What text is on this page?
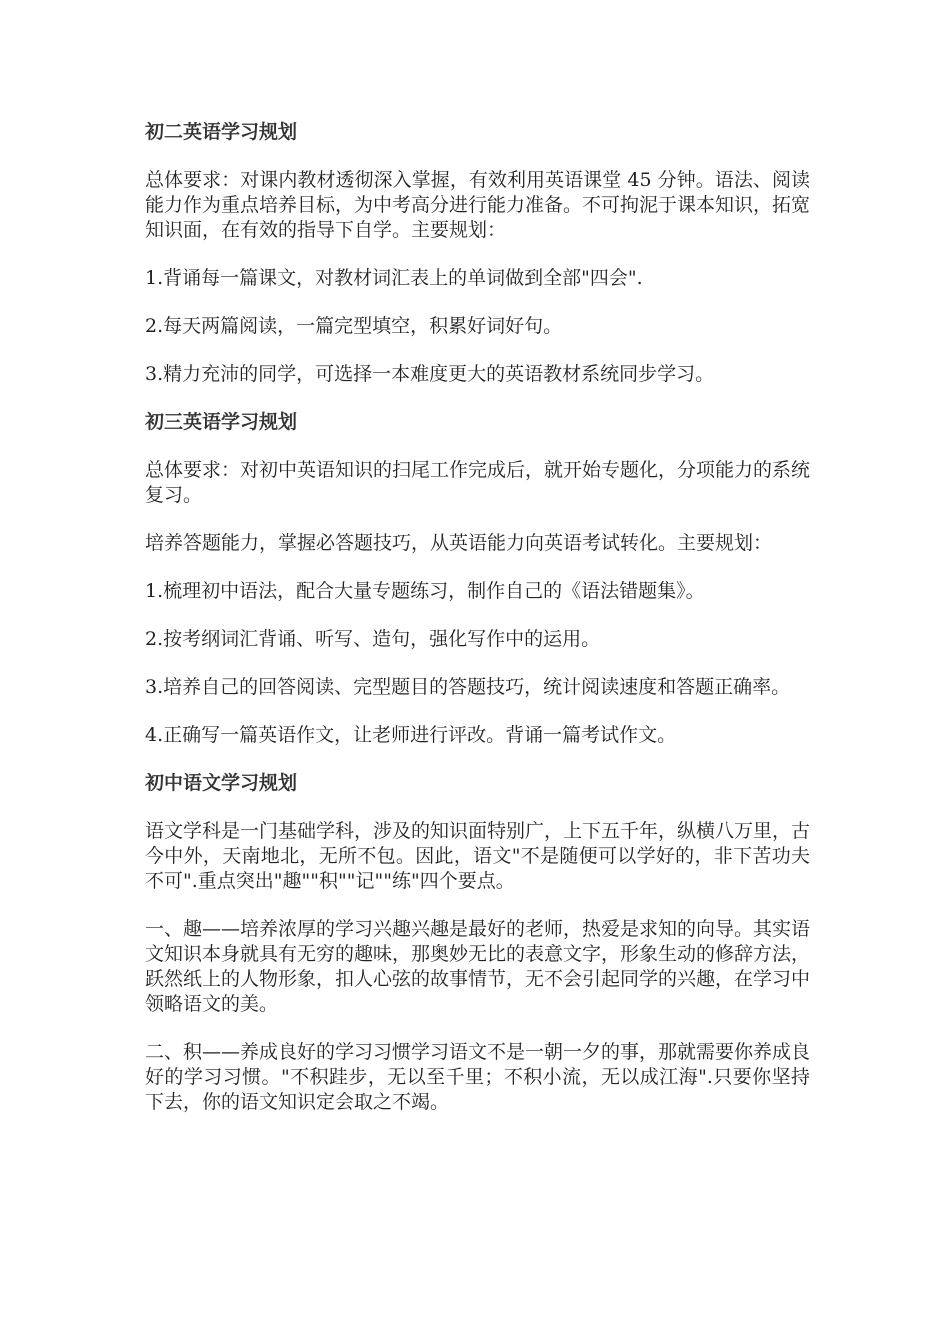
初二英语学习规划

总体要求：对课内教材透彻深入掌握，有效利用英语课堂 45 分钟。语法、阅读能力作为重点培养目标，为中考高分进行能力准备。不可拘泥于课本知识，拓宽知识面，在有效的指导下自学。主要规划：

1.背诵每一篇课文，对教材词汇表上的单词做到全部"四会".

2.每天两篇阅读，一篇完型填空，积累好词好句。

3.精力充沛的同学，可选择一本难度更大的英语教材系统同步学习。

初三英语学习规划

总体要求：对初中英语知识的扫尾工作完成后，就开始专题化，分项能力的系统复习。

培养答题能力，掌握必答题技巧，从英语能力向英语考试转化。主要规划：

1.梳理初中语法，配合大量专题练习，制作自己的《语法错题集》。

2.按考纲词汇背诵、听写、造句，强化写作中的运用。

3.培养自己的回答阅读、完型题目的答题技巧，统计阅读速度和答题正确率。

4.正确写一篇英语作文，让老师进行评改。背诵一篇考试作文。

初中语文学习规划

语文学科是一门基础学科，涉及的知识面特别广，上下五千年，纵横八万里，古今中外，天南地北，无所不包。因此，语文"不是随便可以学好的，非下苦功夫不可".重点突出"趣""积""记""练"四个要点。

一、趣——培养浓厚的学习兴趣兴趣是最好的老师，热爱是求知的向导。其实语文知识本身就具有无穷的趣味，那奥妙无比的表意文字，形象生动的修辞方法，跃然纸上的人物形象，扣人心弦的故事情节，无不会引起同学的兴趣，在学习中领略语文的美。

二、积——养成良好的学习习惯学习语文不是一朝一夕的事，那就需要你养成良好的学习习惯。"不积跬步，无以至千里；不积小流，无以成江海".只要你坚持下去，你的语文知识定会取之不竭。
